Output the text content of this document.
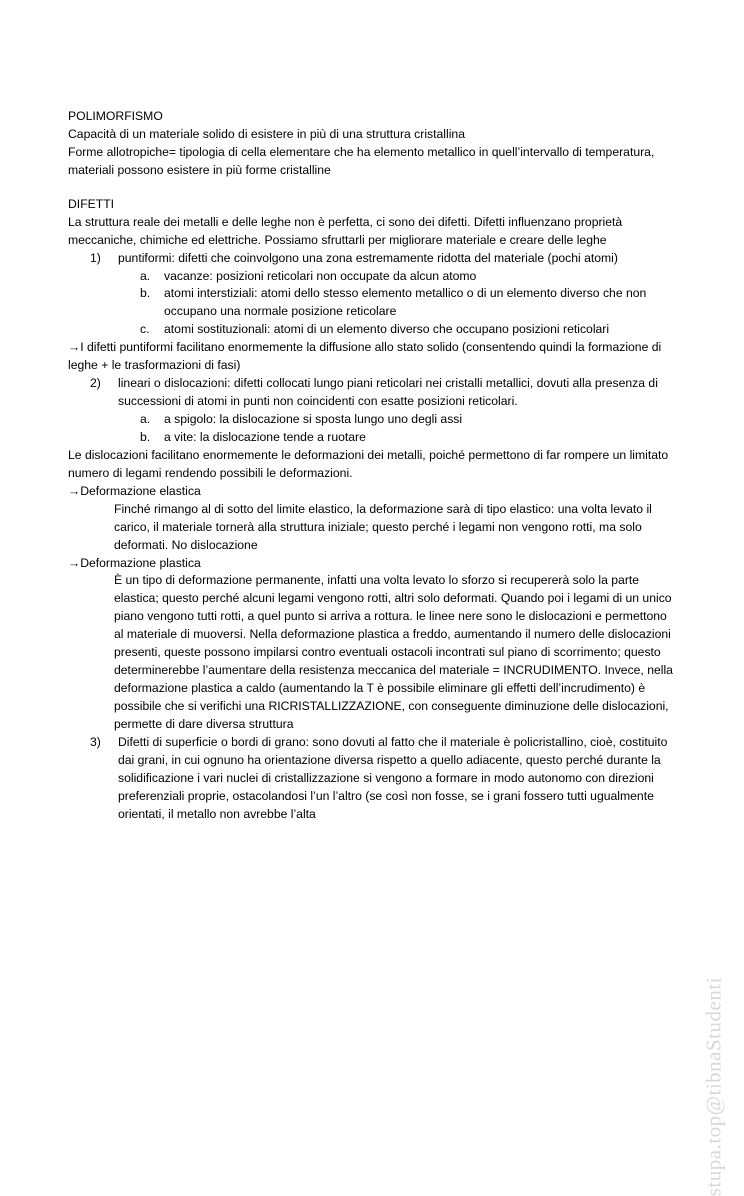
POLIMORFISMO

Capacità di un materiale solido di esistere in più di una struttura cristallina

Forme allotropiche= tipologia di cella elementare che ha elemento metallico in quell’intervallo di temperatura, materiali possono esistere in più forme cristalline

DIFETTI

La struttura reale dei metalli e delle leghe non è perfetta, ci sono dei difetti. Difetti influenzano proprietà meccaniche, chimiche ed elettriche. Possiamo sfruttarli per migliorare materiale e creare delle leghe

1)	puntiformi: difetti che coinvolgono una zona estremamente ridotta del materiale (pochi atomi)
a.	vacanze: posizioni reticolari non occupate da alcun atomo
b.	atomi interstiziali: atomi dello stesso elemento metallico o di un elemento diverso che non occupano una normale posizione reticolare
c.	atomi sostituzionali: atomi di un elemento diverso che occupano posizioni reticolari

→I difetti puntiformi facilitano enormemente la diffusione allo stato solido (consentendo quindi la formazione di leghe + le trasformazioni di fasi)

2)	lineari o dislocazioni: difetti collocati lungo piani reticolari nei cristalli metallici, dovuti alla presenza di successioni di atomi in punti non coincidenti con esatte posizioni reticolari.
a.	a spigolo: la dislocazione si sposta lungo uno degli assi
b.	a vite: la dislocazione tende a ruotare

Le dislocazioni facilitano enormemente le deformazioni dei metalli, poiché permettono di far rompere un limitato numero di legami rendendo possibili le deformazioni.

→Deformazione elastica

Finché rimango al di sotto del limite elastico, la deformazione sarà di tipo elastico: una volta levato il carico, il materiale tornerà alla struttura iniziale; questo perché i legami non vengono rotti, ma solo deformati. No dislocazione

→Deformazione plastica

È un tipo di deformazione permanente, infatti una volta levato lo sforzo si recupererà solo la parte elastica; questo perché alcuni legami vengono rotti, altri solo deformati. Quando poi i legami di un unico piano vengono tutti rotti, a quel punto si arriva a rottura. le linee nere sono le dislocazioni e permettono al materiale di muoversi. Nella deformazione plastica a freddo, aumentando il numero delle dislocazioni presenti, queste possono impilarsi contro eventuali ostacoli incontrati sul piano di scorrimento; questo determinerebbe l’aumentare della resistenza meccanica del materiale = INCRUDIMENTO. Invece, nella deformazione plastica a caldo (aumentando la T è possibile eliminare gli effetti dell’incrudimento) è possibile che si verifichi una RICRISTALLIZZAZIONE, con conseguente diminuzione delle dislocazioni, permette di dare diversa struttura

3)	Difetti di superficie o bordi di grano: sono dovuti al fatto che il materiale è policristallino, cioè, costituito dai grani, in cui ognuno ha orientazione diversa rispetto a quello adiacente, questo perché durante la solidificazione i vari nuclei di cristallizzazione si vengono a formare in modo autonomo con direzioni preferenziali proprie, ostacolandosi l’un l’altro (se così non fosse, se i grani fossero tutti ugualmente orientati, il metallo non avrebbe l’alta
stupa.top@tibnaStudenti
